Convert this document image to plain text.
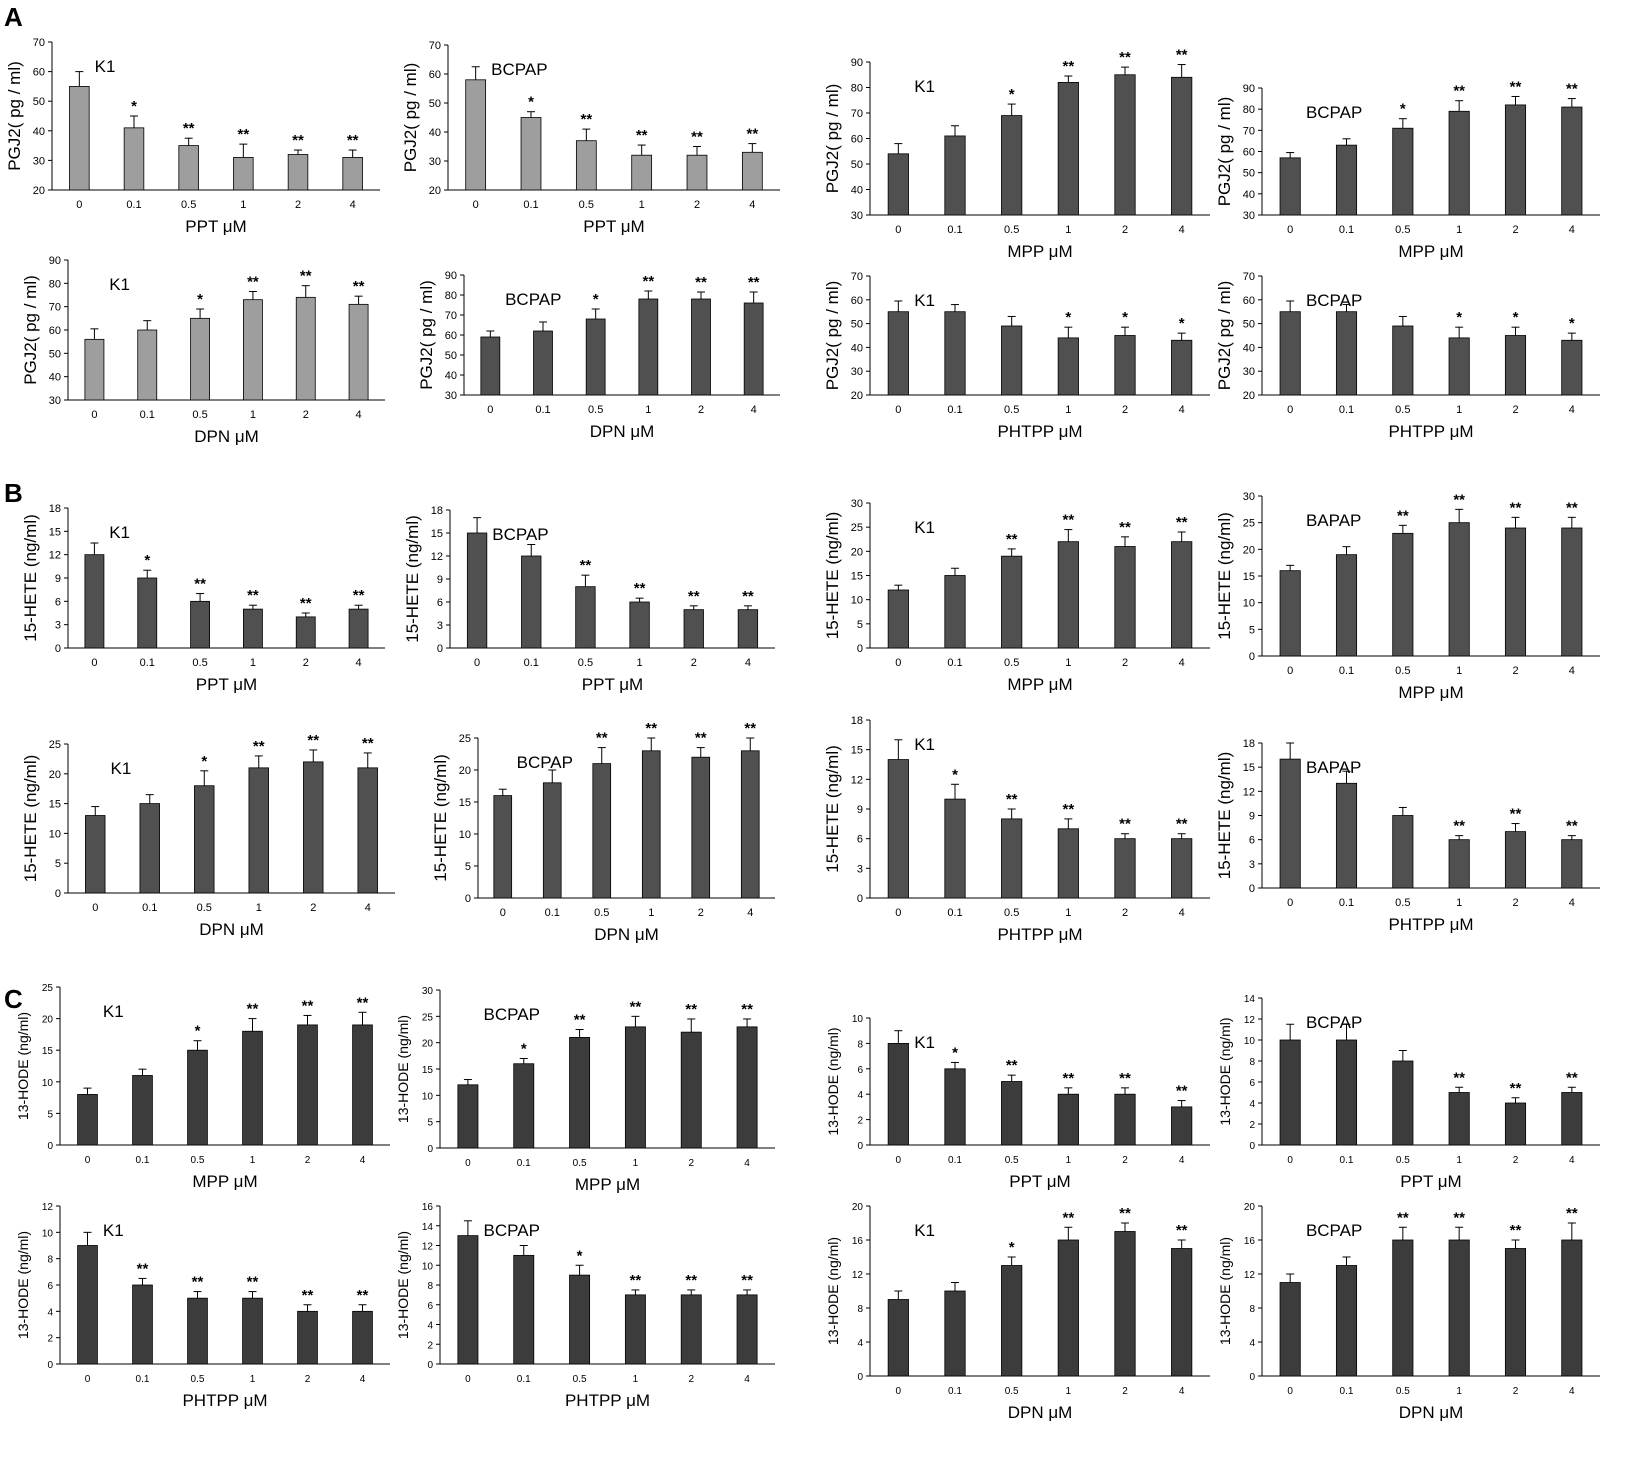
A
B
C
20
30
40
50
60
70
0
*
0.1
**
0.5
**
1
**
2
**
4
K1
PPT μM
PGJ2( pg / ml)
20
30
40
50
60
70
0
*
0.1
**
0.5
**
1
**
2
**
4
BCPAP
PPT μM
PGJ2( pg / ml)
30
40
50
60
70
80
90
0	0.1
*
0.5
**
1
**
2
**
4
K1
MPP μM
PGJ2( pg / ml)
30
40
50
60
70
80
90
0	0.1
*
0.5
**
1
**
2
**
4
BCPAP
MPP μM
PGJ2( pg / ml)
30
40
50
60
70
80
90
0	0.1
*
0.5
**
1
**
2
**
4
K1
DPN μM
PGJ2( pg / ml)
30
40
50
60
70
80
90
0	0.1
*
0.5
**
1
**
2
**
4
BCPAP
DPN μM
PGJ2( pg / ml)
20
30
40
50
60
70
0	0.1	0.5
*
1
*
2
*
4
K1
PHTPP μM
PGJ2( pg / ml)
20
30
40
50
60
70
0	0.1	0.5
*
1
*
2
*
4
BCPAP
PHTPP μM
PGJ2( pg / ml)
0
3
6
9
12
15
18
0
*
0.1
**
0.5
**
1
**
2
**
4
K1
PPT μM
15-HETE (ng/ml)
0
3
6
9
12
15
18
0	0.1
**
0.5
**
1
**
2
**
4
BCPAP
PPT μM
15-HETE (ng/ml)
0
5
10
15
20
25
30
0	0.1
**
0.5
**
1
**
2
**
4
K1
MPP μM
15-HETE (ng/ml)
0
5
10
15
20
25
30
0	0.1
**
0.5
**
1
**
2
**
4
BAPAP
MPP μM
15-HETE (ng/ml)
0
5
10
15
20
25
0	0.1
*
0.5
**
1
**
2
**
4
K1
DPN μM
15-HETE (ng/ml)
0
5
10
15
20
25
0	0.1
**
0.5
**
1
**
2
**
4
BCPAP
DPN μM
15-HETE (ng/ml)
0
3
6
9
12
15
18
0
*
0.1
**
0.5
**
1
**
2
**
4
K1
PHTPP μM
15-HETE (ng/ml)
0
3
6
9
12
15
18
0	0.1	0.5
**
1
**
2
**
4
BAPAP
PHTPP μM
15-HETE (ng/ml)
0
5
10
15
20
25
0	0.1
*
0.5
**
1
**
2
**
4
K1
MPP μM
13-HODE (ng/ml)
0
5
10
15
20
25
30
0
*
0.1
**
0.5
**
1
**
2
**
4
BCPAP
MPP μM
13-HODE (ng/ml)
0
2
4
6
8
10
0
*
0.1
**
0.5
**
1
**
2
**
4
K1
PPT μM
13-HODE (ng/ml)
0
2
4
6
8
10
12
14
0	0.1	0.5
**
1
**
2
**
4
BCPAP
PPT μM
13-HODE (ng/ml)
0
2
4
6
8
10
12
0
**
0.1
**
0.5
**
1
**
2
**
4
K1
PHTPP μM
13-HODE (ng/ml)
0
2
4
6
8
10
12
14
16
0	0.1
*
0.5
**
1
**
2
**
4
BCPAP
PHTPP μM
13-HODE (ng/ml)
0
4
8
12
16
20
0	0.1
*
0.5
**
1
**
2
**
4
K1
DPN μM
13-HODE (ng/ml)
0
4
8
12
16
20
0	0.1
**
0.5
**
1
**
2
**
4
BCPAP
DPN μM
13-HODE (ng/ml)
